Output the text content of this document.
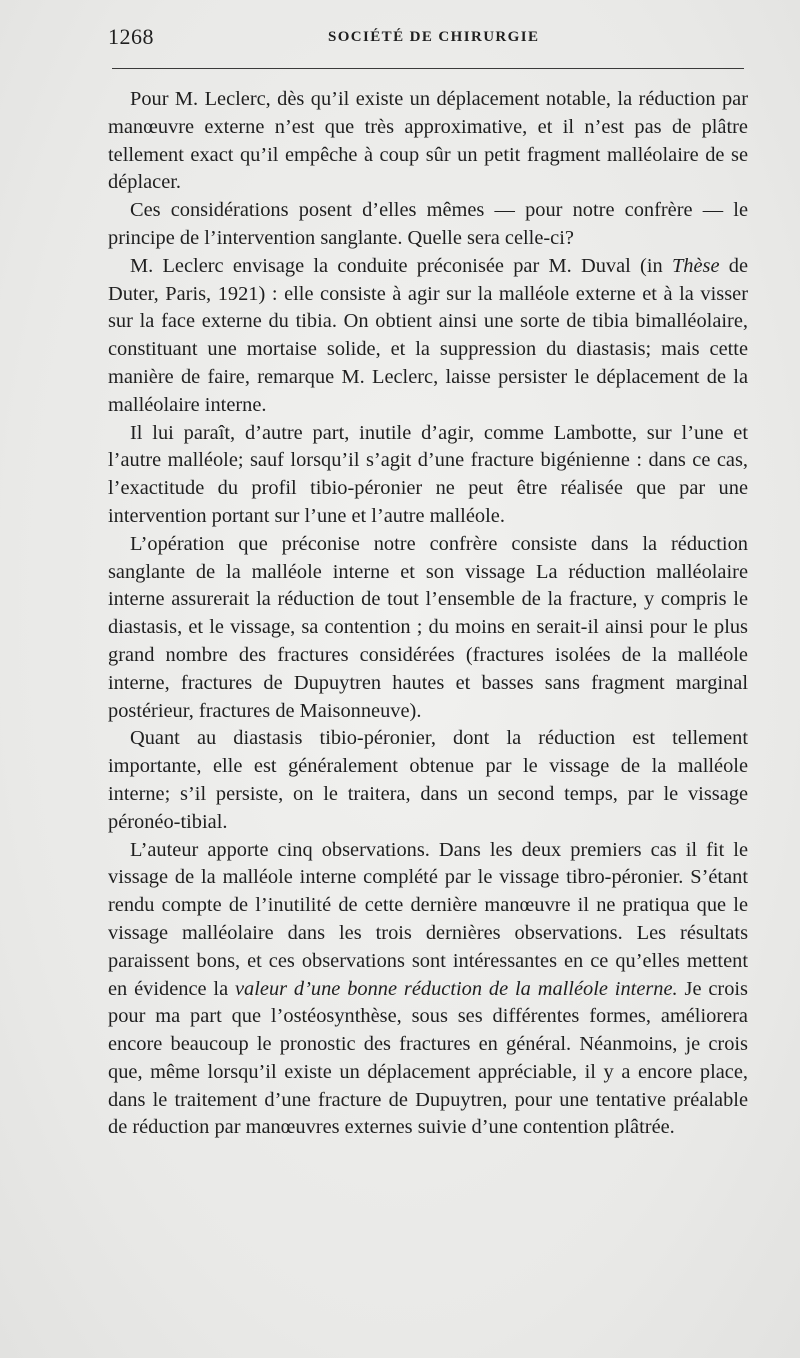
1268	SOCIÉTÉ DE CHIRURGIE

Pour M. Leclerc, dès qu’il existe un déplacement notable, la réduction par manœuvre externe n’est que très approximative, et il n’est pas de plâtre tellement exact qu’il empêche à coup sûr un petit fragment malléolaire de se déplacer.

Ces considérations posent d’elles mêmes — pour notre confrère — le principe de l’intervention sanglante. Quelle sera celle-ci?

M. Leclerc envisage la conduite préconisée par M. Duval (in Thèse de Duter, Paris, 1921) : elle consiste à agir sur la malléole externe et à la visser sur la face externe du tibia. On obtient ainsi une sorte de tibia bimalléolaire, constituant une mortaise solide, et la suppression du diastasis; mais cette manière de faire, remarque M. Leclerc, laisse persister le déplacement de la malléolaire interne.

Il lui paraît, d’autre part, inutile d’agir, comme Lambotte, sur l’une et l’autre malléole; sauf lorsqu’il s’agit d’une fracture bigénienne : dans ce cas, l’exactitude du profil tibio-péronier ne peut être réalisée que par une intervention portant sur l’une et l’autre malléole.

L’opération que préconise notre confrère consiste dans la réduction sanglante de la malléole interne et son vissage La réduction malléolaire interne assurerait la réduction de tout l’ensemble de la fracture, y compris le diastasis, et le vissage, sa contention ; du moins en serait-il ainsi pour le plus grand nombre des fractures considérées (fractures isolées de la malléole interne, fractures de Dupuytren hautes et basses sans fragment marginal postérieur, fractures de Maisonneuve).

Quant au diastasis tibio-péronier, dont la réduction est tellement importante, elle est généralement obtenue par le vissage de la malléole interne; s’il persiste, on le traitera, dans un second temps, par le vissage péronéo-tibial.

L’auteur apporte cinq observations. Dans les deux premiers cas il fit le vissage de la malléole interne complété par le vissage tibro-péronier. S’étant rendu compte de l’inutilité de cette dernière manœuvre il ne pratiqua que le vissage malléolaire dans les trois dernières observations. Les résultats paraissent bons, et ces observations sont intéressantes en ce qu’elles mettent en évidence la valeur d’une bonne réduction de la malléole interne. Je crois pour ma part que l’ostéosynthèse, sous ses différentes formes, améliorera encore beaucoup le pronostic des fractures en général. Néanmoins, je crois que, même lorsqu’il existe un déplacement appréciable, il y a encore place, dans le traitement d’une fracture de Dupuytren, pour une tentative préalable de réduction par manœuvres externes suivie d’une contention plâtrée.
